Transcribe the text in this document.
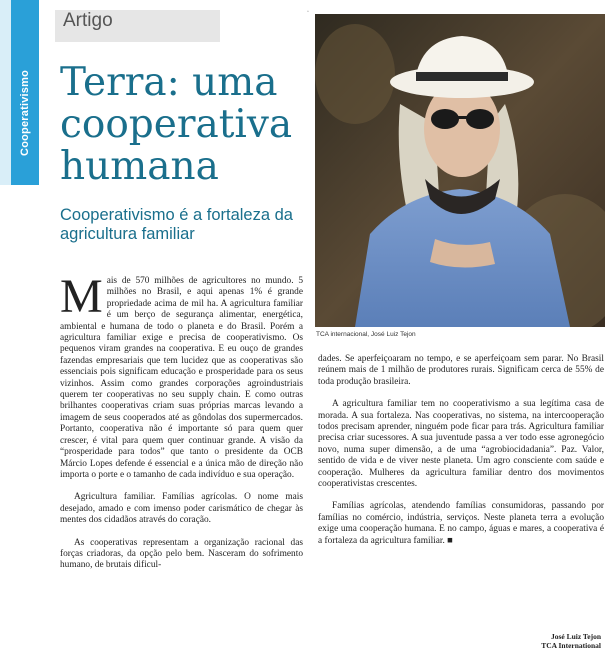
Cooperativismo
Artigo
Terra: uma cooperativa humana

Cooperativismo é a fortaleza da agricultura familiar

▫
TCA internacional, José Luiz Tejon

Mais de 570 milhões de agricultores no mundo. 5 milhões no Brasil, e aqui apenas 1% é grande propriedade acima de mil ha. A agricultura familiar é um berço de segurança alimentar, energética, ambiental e humana de todo o planeta e do Brasil. Porém a agricultura familiar exige e precisa de cooperativismo. Os pequenos viram grandes na cooperativa. E eu ouço de grandes fazendas empresariais que tem lucidez que as cooperativas são essenciais pois significam educação e prosperidade para os seus vizinhos. Assim como grandes corporações agroindustriais querem ter cooperativas no seu supply chain. E como outras brilhantes cooperativas criam suas próprias marcas levando a imagem de seus cooperados até as gôndolas dos supermercados. Portanto, cooperativa não é importante só para quem quer crescer, é vital para quem quer continuar grande. A visão da “prosperidade para todos” que tanto o presidente da OCB Márcio Lopes defende é essencial e a única mão de direção não importa o porte e o tamanho de cada indivíduo e sua operação.

Agricultura familiar. Famílias agrícolas. O nome mais desejado, amado e com imenso poder carismático de chegar às mentes dos cidadãos através do coração.

As cooperativas representam a organização racional das forças criadoras, da opção pelo bem. Nasceram do sofrimento humano, de brutais dificul-

dades. Se aperfeiçoaram no tempo, e se aperfeiçoam sem parar. No Brasil reúnem mais de 1 milhão de produtores rurais. Significam cerca de 55% de toda produção brasileira.

A agricultura familiar tem no cooperativismo a sua legítima casa de morada. A sua fortaleza. Nas cooperativas, no sistema, na intercooperação todos precisam aprender, ninguém pode ficar para trás. Agricultura familiar precisa criar sucessores. A sua juventude passa a ver todo esse agronegócio novo, numa super dimensão, a de uma “agrobiocidadania”. Paz. Valor, sentido de vida e de viver neste planeta. Um agro consciente com saúde e cooperação. Mulheres da agricultura familiar dentro dos movimentos cooperativistas crescentes.

Famílias agrícolas, atendendo famílias consumidoras, passando por famílias no comércio, indústria, serviços. Neste planeta terra a evolução exige uma cooperação humana. E no campo, águas e mares, a cooperativa é a fortaleza da agricultura familiar. ■

José Luiz Tejon
TCA International
